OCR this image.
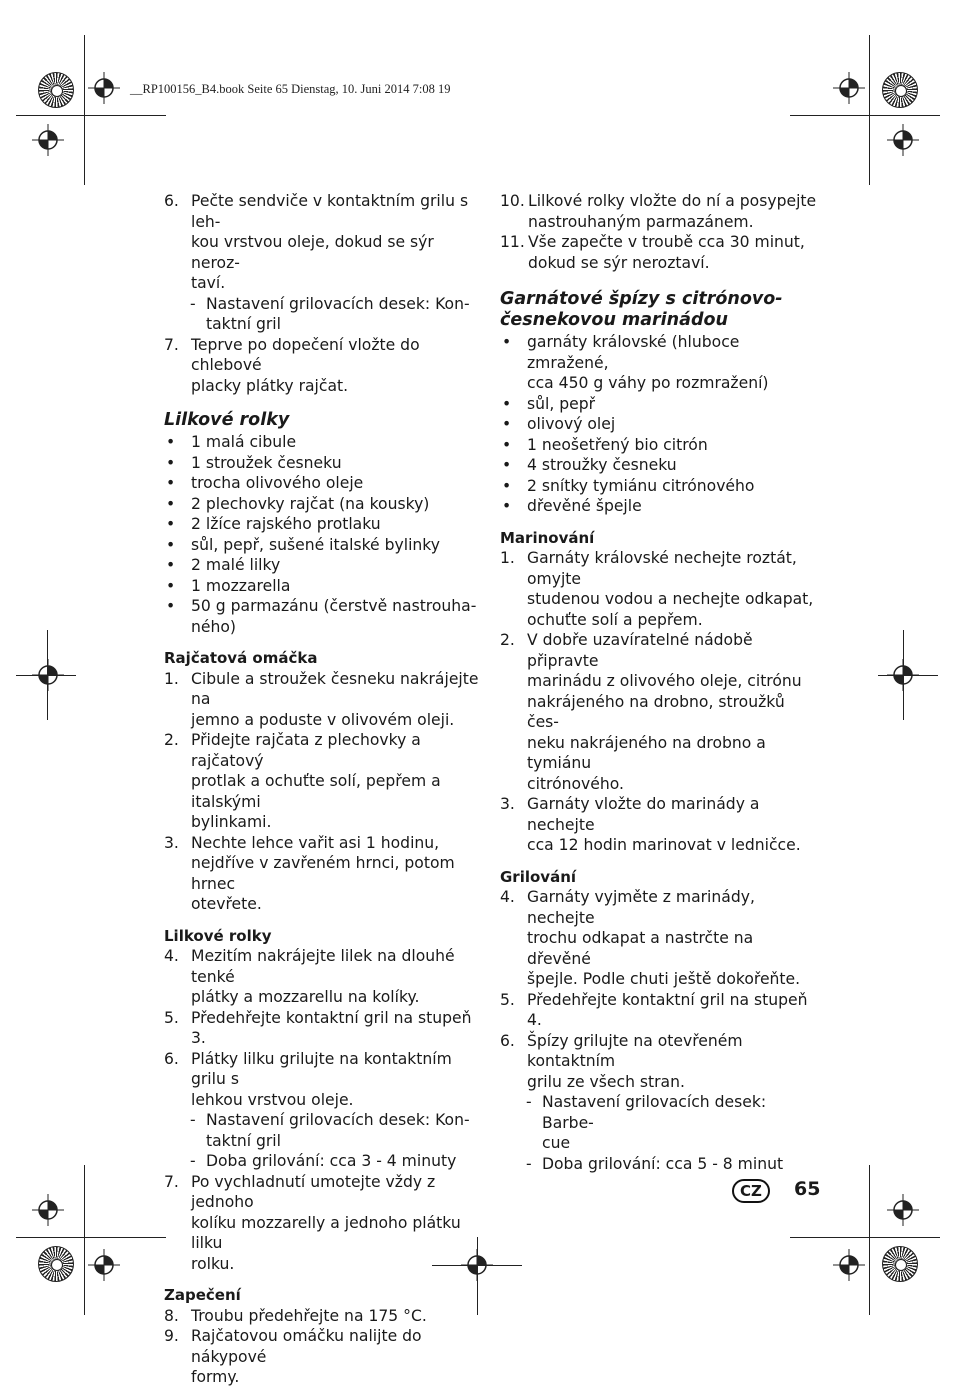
__RP100156_B4.book Seite 65 Dienstag, 10. Juni 2014 7:08 19
6. Pečte sendviče v kontaktním grilu s leh-
kou vrstvou oleje, dokud se sýr neroz-
taví.
- Nastavení grilovacích desek: Kon-
taktní gril
7. Teprve po dopečení vložte do chlebové
placky plátky rajčat.
Lilkové rolky
• 1 malá cibule
• 1 stroužek česneku
• trocha olivového oleje
• 2 plechovky rajčat (na kousky)
• 2 lžíce rajského protlaku
• sůl, pepř, sušené italské bylinky
• 2 malé lilky
• 1 mozzarella
• 50 g parmazánu (čerstvě nastrouha-
ného)
Rajčatová omáčka
1. Cibule a stroužek česneku nakrájejte na
jemno a poduste v olivovém oleji.
2. Přidejte rajčata z plechovky a rajčatový
protlak a ochuťte solí, pepřem a italskými
bylinkami.
3. Nechte lehce vařit asi 1 hodinu,
nejdříve v zavřeném hrnci, potom hrnec
otevřete.
Lilkové rolky
4. Mezitím nakrájejte lilek na dlouhé tenké
plátky a mozzarellu na kolíky.
5. Předehřejte kontaktní gril na stupeň 3.
6. Plátky lilku grilujte na kontaktním grilu s
lehkou vrstvou oleje.
- Nastavení grilovacích desek: Kon-
taktní gril
- Doba grilování: cca 3 - 4 minuty
7. Po vychladnutí umotejte vždy z jednoho
kolíku mozzarelly a jednoho plátku lilku
rolku.
Zapečení
8. Troubu předehřejte na 175 °C.
9. Rajčatovou omáčku nalijte do nákypové
formy.
10. Lilkové rolky vložte do ní a posypejte
nastrouhaným parmazánem.
11. Vše zapečte v troubě cca 30 minut,
dokud se sýr neroztaví.
Garnátové špízy s citrónovo-
česnekovou marinádou
• garnáty královské (hluboce zmražené,
cca 450 g váhy po rozmražení)
• sůl, pepř
• olivový olej
• 1 neošetřený bio citrón
• 4 stroužky česneku
• 2 snítky tymiánu citrónového
• dřevěné špejle
Marinování
1. Garnáty královské nechejte roztát, omyjte
studenou vodou a nechejte odkapat,
ochuťte solí a pepřem.
2. V dobře uzavíratelné nádobě připravte
marinádu z olivového oleje, citrónu
nakrájeného na drobno, stroužků čes-
neku nakrájeného na drobno a tymiánu
citrónového.
3. Garnáty vložte do marinády a nechejte
cca 12 hodin marinovat v ledničce.
Grilování
4. Garnáty vyjměte z marinády, nechejte
trochu odkapat a nastrčte na dřevěné
špejle. Podle chuti ještě dokořeňte.
5. Předehřejte kontaktní gril na stupeň 4.
6. Špízy grilujte na otevřeném kontaktním
grilu ze všech stran.
- Nastavení grilovacích desek: Barbe-
cue
- Doba grilování: cca 5 - 8 minut
CZ	65
